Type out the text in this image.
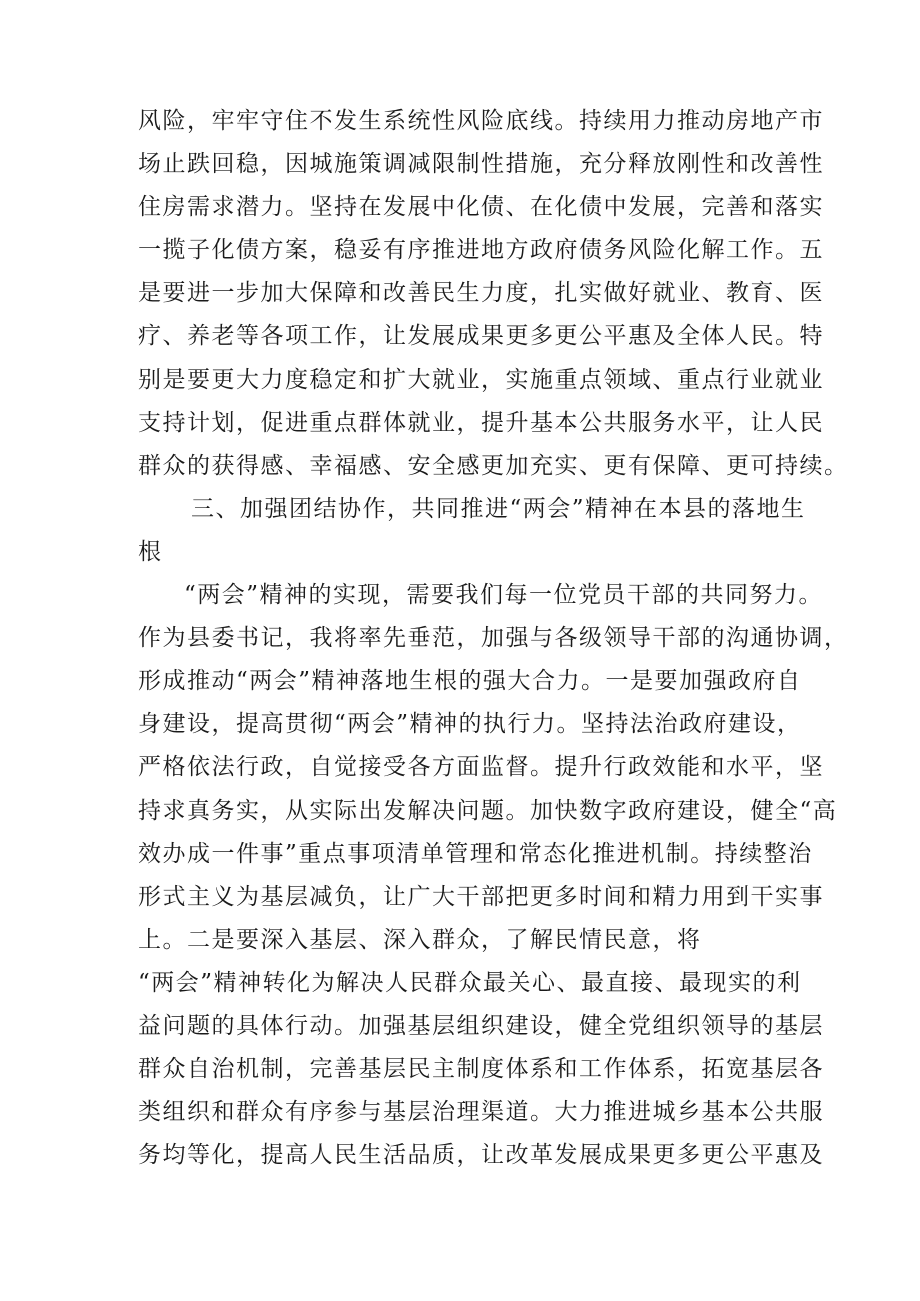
风险，牢牢守住不发生系统性风险底线。持续用力推动房地产市
场止跌回稳，因城施策调减限制性措施，充分释放刚性和改善性
住房需求潜力。坚持在发展中化债、在化债中发展，完善和落实
一揽子化债方案，稳妥有序推进地方政府债务风险化解工作。五
是要进一步加大保障和改善民生力度，扎实做好就业、教育、医
疗、养老等各项工作，让发展成果更多更公平惠及全体人民。特
别是要更大力度稳定和扩大就业，实施重点领域、重点行业就业
支持计划，促进重点群体就业，提升基本公共服务水平，让人民
群众的获得感、幸福感、安全感更加充实、更有保障、更可持续。
三、加强团结协作，共同推进“两会”精神在本县的落地生
根
“两会”精神的实现，需要我们每一位党员干部的共同努力。
作为县委书记，我将率先垂范，加强与各级领导干部的沟通协调，
形成推动“两会”精神落地生根的强大合力。一是要加强政府自
身建设，提高贯彻“两会”精神的执行力。坚持法治政府建设，
严格依法行政，自觉接受各方面监督。提升行政效能和水平，坚
持求真务实，从实际出发解决问题。加快数字政府建设，健全“高
效办成一件事”重点事项清单管理和常态化推进机制。持续整治
形式主义为基层减负，让广大干部把更多时间和精力用到干实事
上。二是要深入基层、深入群众，了解民情民意，将
“两会”精神转化为解决人民群众最关心、最直接、最现实的利
益问题的具体行动。加强基层组织建设，健全党组织领导的基层
群众自治机制，完善基层民主制度体系和工作体系，拓宽基层各
类组织和群众有序参与基层治理渠道。大力推进城乡基本公共服
务均等化，提高人民生活品质，让改革发展成果更多更公平惠及
